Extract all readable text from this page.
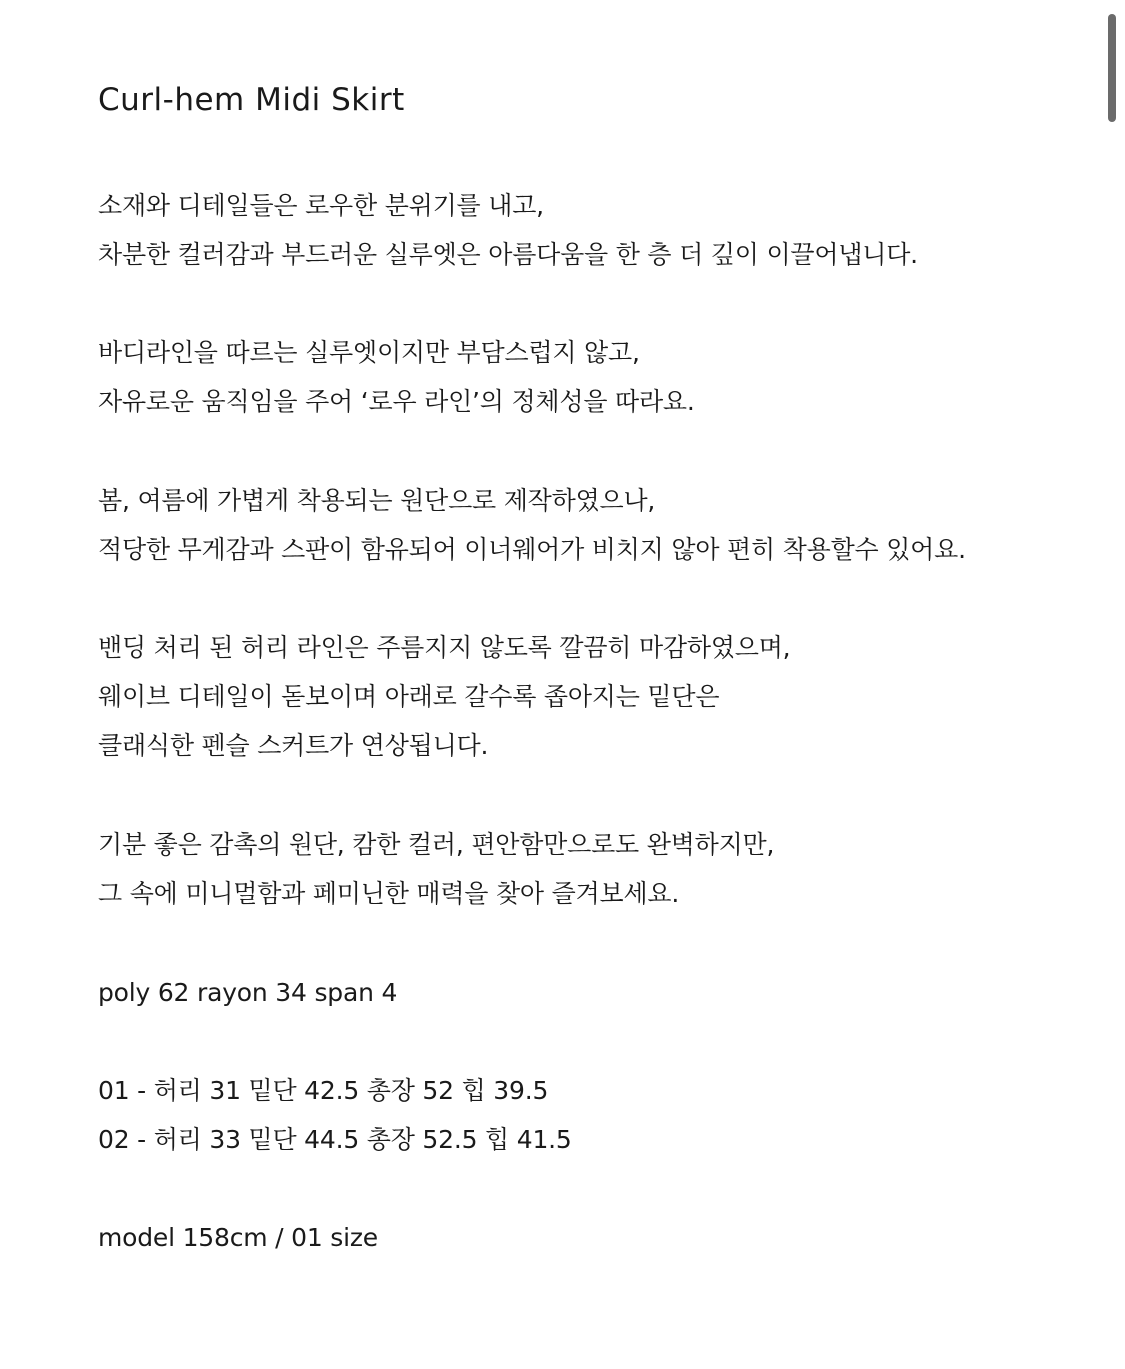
Curl-hem Midi Skirt
소재와 디테일들은 로우한 분위기를 내고,
차분한 컬러감과 부드러운 실루엣은 아름다움을 한 층 더 깊이 이끌어냅니다.
바디라인을 따르는 실루엣이지만 부담스럽지 않고,
자유로운 움직임을 주어 ‘로우 라인’의 정체성을 따라요.
봄, 여름에 가볍게 착용되는 원단으로 제작하였으나,
적당한 무게감과 스판이 함유되어 이너웨어가 비치지 않아 편히 착용할수 있어요.
밴딩 처리 된 허리 라인은 주름지지 않도록 깔끔히 마감하였으며,
웨이브 디테일이 돋보이며 아래로 갈수록 좁아지는 밑단은
클래식한 펜슬 스커트가 연상됩니다.
기분 좋은 감촉의 원단, 캄한 컬러, 편안함만으로도 완벽하지만,
그 속에 미니멀함과 페미닌한 매력을 찾아 즐겨보세요.
poly 62 rayon 34 span 4
01 - 허리 31 밑단 42.5 총장 52 힙 39.5
02 - 허리 33 밑단 44.5 총장 52.5 힙 41.5
model 158cm / 01 size
